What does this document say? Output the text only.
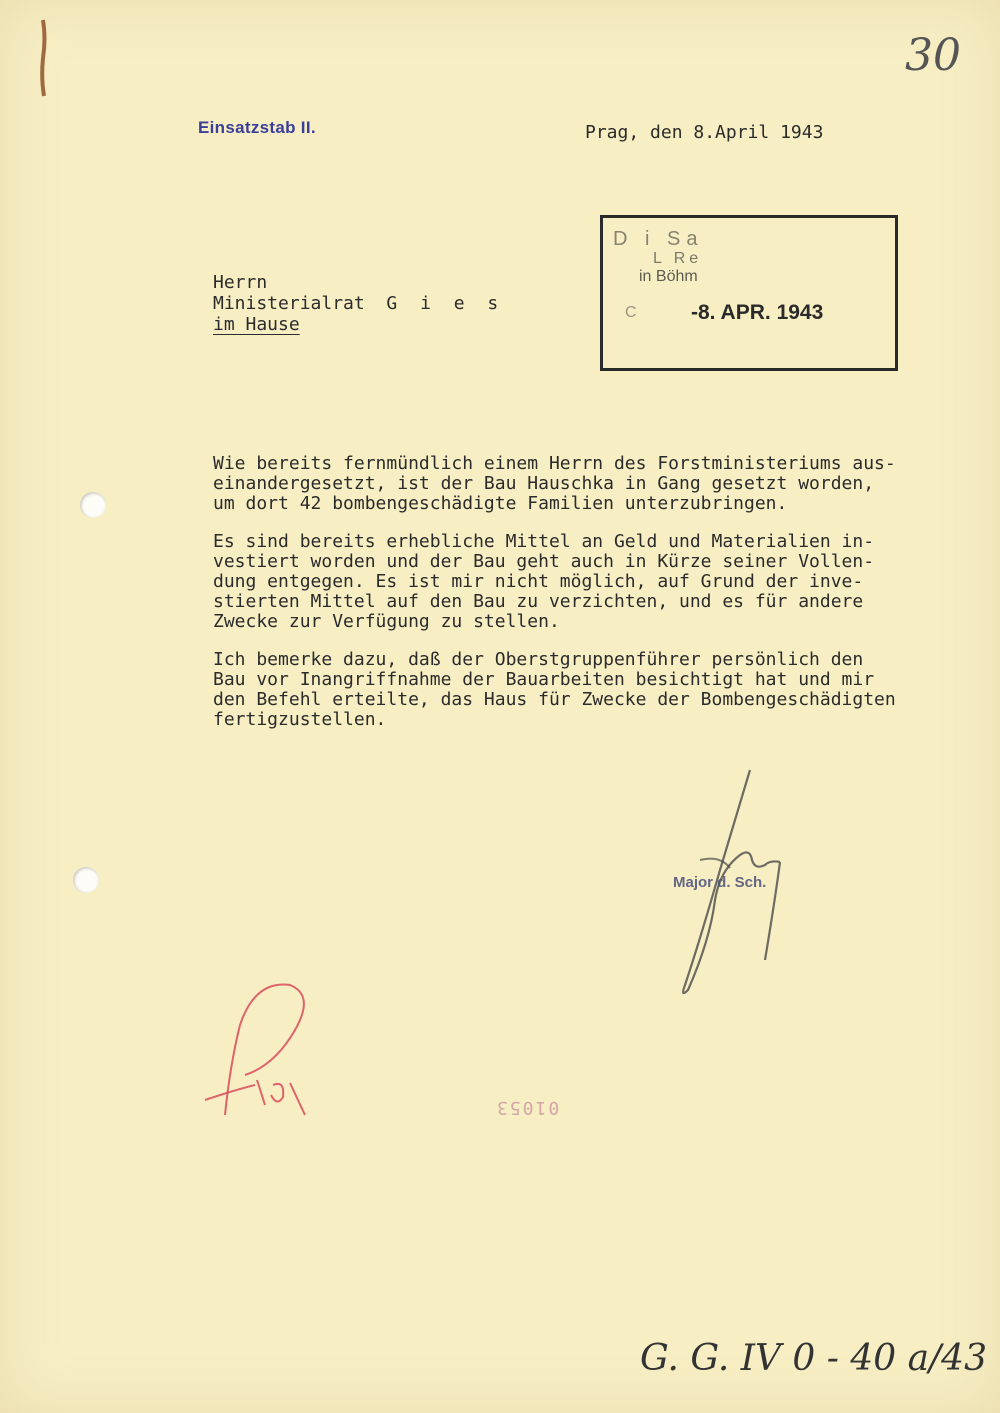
30
Einsatzstab II.	Prag, den 8.April 1943
D i Sa
L Re
in Böhm
C	-8. APR. 1943
Herrn
Ministerialrat G i e s
im Hause

Wie bereits fernmündlich einem Herrn des Forstministeriums aus-
einandergesetzt, ist der Bau Hauschka in Gang gesetzt worden,
um dort 42 bombengeschädigte Familien unterzubringen.

Es sind bereits erhebliche Mittel an Geld und Materialien in-
vestiert worden und der Bau geht auch in Kürze seiner Vollen-
dung entgegen. Es ist mir nicht möglich, auf Grund der inve-
stierten Mittel auf den Bau zu verzichten, und es für andere
Zwecke zur Verfügung zu stellen.

Ich bemerke dazu, daß der Oberstgruppenführer persönlich den
Bau vor Inangriffnahme der Bauarbeiten besichtigt hat und mir
den Befehl erteilte, das Haus für Zwecke der Bombengeschädigten
fertigzustellen.

Major d. Sch.
01053
G. G. IV 0 - 40 a/43
